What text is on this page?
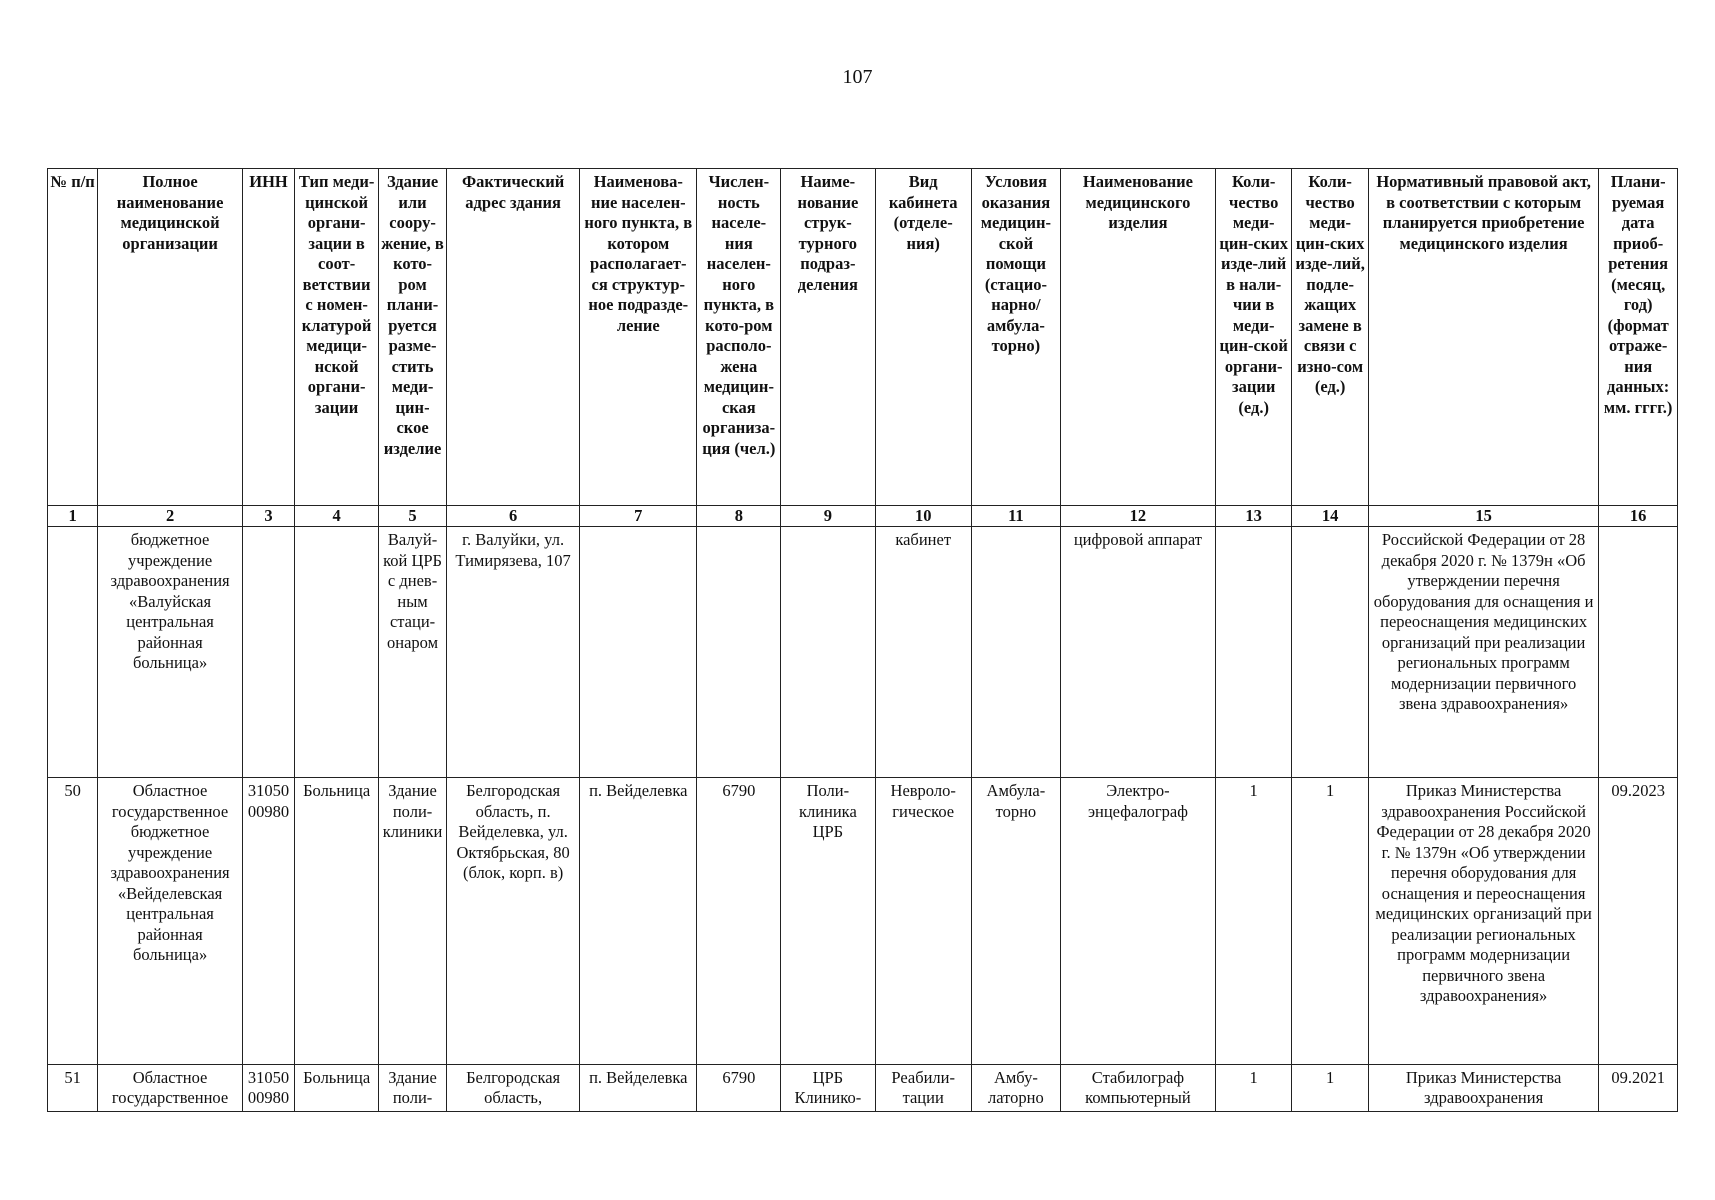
107
№ п/п	Полное наименование медицинской организации	ИНН	Тип меди-цинской органи-зации в соот-ветствии с номен-клатурой медици-нской органи-зации	Здание или соору-жение, в кото-ром плани-руется разме-стить меди-цин-ское изделие	Фактический адрес здания	Наименова-ние населен-ного пункта, в котором располагает-ся структур-ное подразде-ление	Числен-ность населе-ния населен-ного пункта, в кото-ром располо-жена медицин-ская организа-ция (чел.)	Наиме-нование струк-турного подраз-деления	Вид кабинета (отделе-ния)	Условия оказания медицин-ской помощи (стацио-нарно/ амбула-торно)	Наименование медицинского изделия	Коли-чество меди-цин-ских изде-лий в нали-чии в меди-цин-ской органи-зации (ед.)	Коли-чество меди-цин-ских изде-лий, подле-жащих замене в связи с изно-сом (ед.)	Нормативный правовой акт, в соответствии с которым планируется приобретение медицинского изделия	Плани-руемая дата приоб-ретения (месяц, год) (формат отраже-ния данных: мм. гггг.)
1	2	3	4	5	6	7	8	9	10	11	12	13	14	15	16
	бюджетное учреждение здравоохранения «Валуйская центральная районная больница»			Валуй-кой ЦРБ с днев-ным стаци-онаром	г. Валуйки, ул. Тимирязева, 107				кабинет		цифровой аппарат			Российской Федерации от 28 декабря 2020 г. № 1379н «Об утверждении перечня оборудования для оснащения и переоснащения медицинских организаций при реализации региональных программ модернизации первичного звена здравоохранения»	
50	Областное государственное бюджетное учреждение здравоохранения «Вейделевская центральная районная больница»	3105000980	Больница	Здание поли-клиники	Белгородская область, п. Вейделевка, ул. Октябрьская, 80 (блок, корп. в)	п. Вейделевка	6790	Поли-клиника ЦРБ	Невроло-гическое	Амбула-торно	Электро-энцефалограф	1	1	Приказ Министерства здравоохранения Российской Федерации от 28 декабря 2020 г. № 1379н «Об утверждении перечня оборудования для оснащения и переоснащения медицинских организаций при реализации региональных программ модернизации первичного звена здравоохранения»	09.2023
51	Областное государственное	3105000980	Больница	Здание поли-	Белгородская область,	п. Вейделевка	6790	ЦРБ Клинико-	Реабили-тации	Амбу-латорно	Стабилограф компьютерный	1	1	Приказ Министерства здравоохранения	09.2021
